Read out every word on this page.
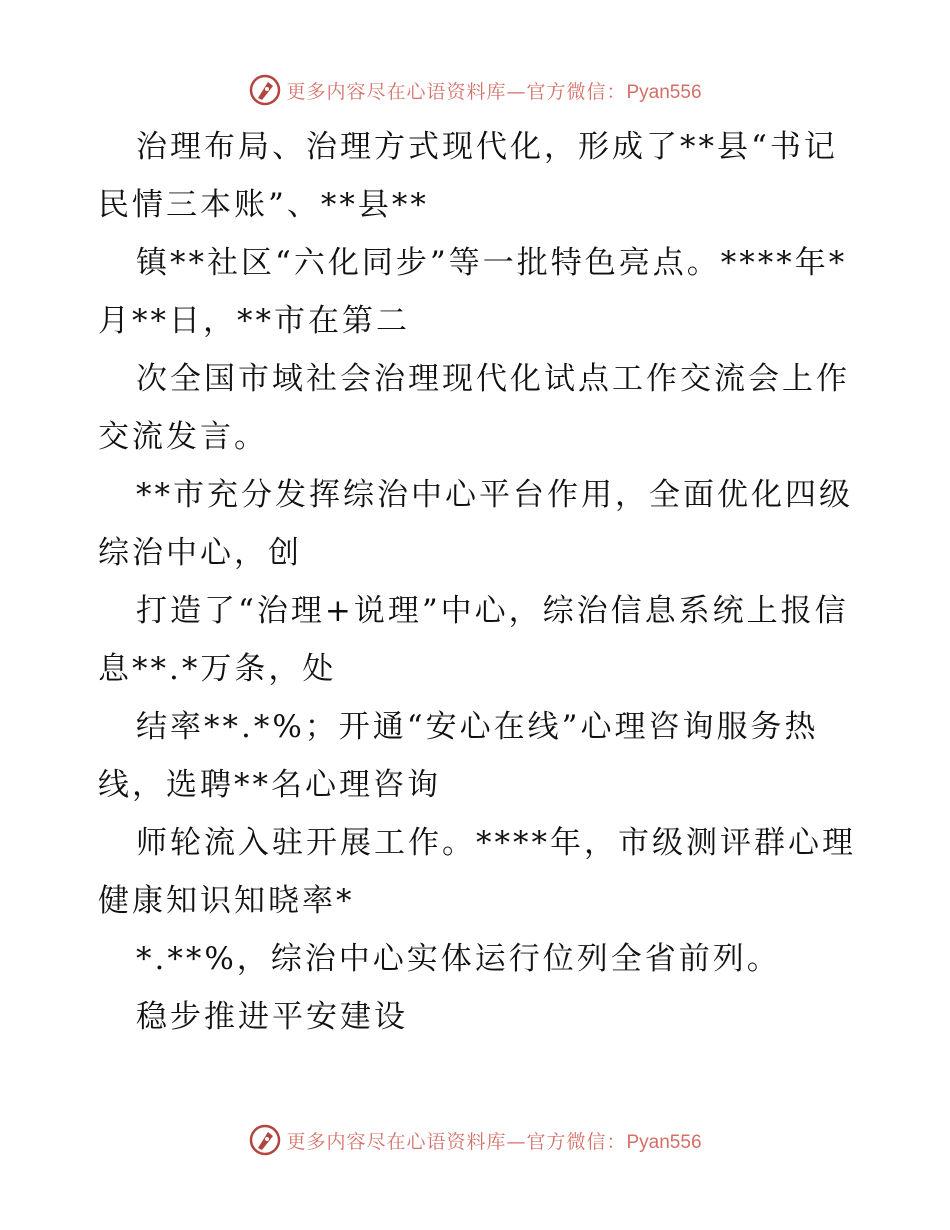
更多内容尽在心语资料库—官方微信：Pyan556

治理布局、治理方式现代化，形成了**县“书记民情三本账”、**县**

镇**社区“六化同步”等一批特色亮点。****年*月**日，**市在第二

次全国市域社会治理现代化试点工作交流会上作交流发言。

**市充分发挥综治中心平台作用，全面优化四级综治中心，创

打造了“治理+说理”中心，综治信息系统上报信息**.*万条，处

结率**.*%；开通“安心在线”心理咨询服务热线，选聘**名心理咨询

师轮流入驻开展工作。****年，市级测评群心理健康知识知晓率*

*.**%，综治中心实体运行位列全省前列。

稳步推进平安建设

更多内容尽在心语资料库—官方微信：Pyan556
